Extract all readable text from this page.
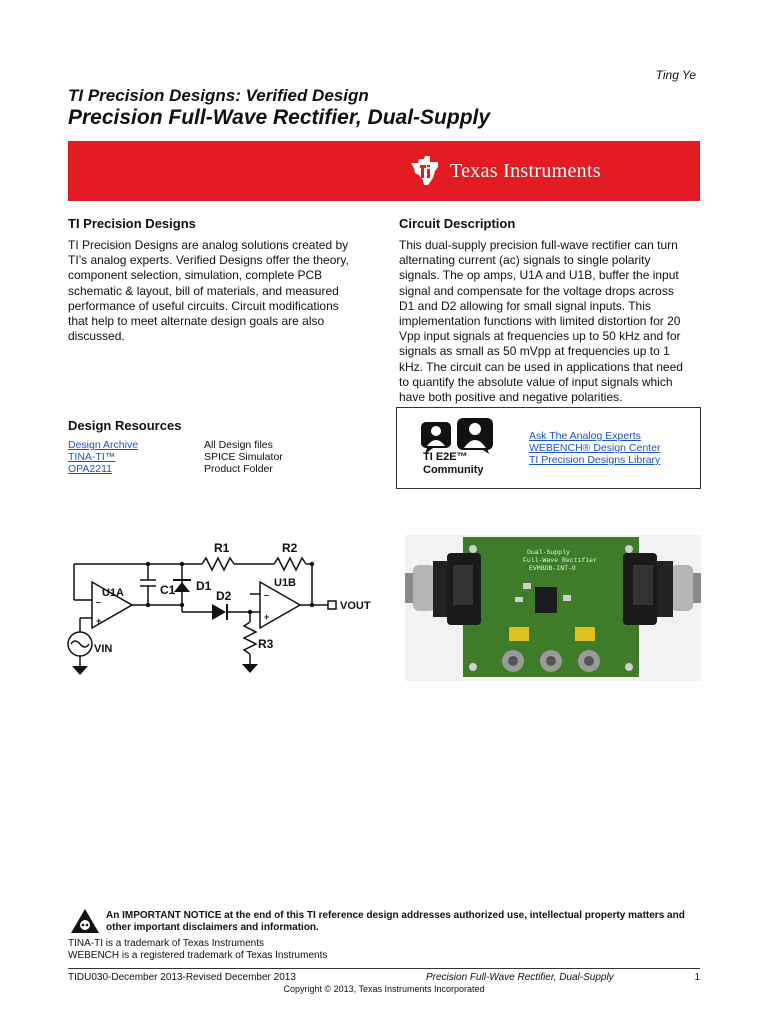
Ting Ye
TI Precision Designs: Verified Design
Precision Full-Wave Rectifier, Dual-Supply
Texas Instruments
TI Precision Designs
TI Precision Designs are analog solutions created by
TI’s analog experts. Verified Designs offer the theory,
component selection, simulation, complete PCB
schematic & layout, bill of materials, and measured
performance of useful circuits. Circuit modifications
that help to meet alternate design goals are also
discussed.
Circuit Description
This dual-supply precision full-wave rectifier can turn
alternating current (ac) signals to single polarity
signals. The op amps, U1A and U1B, buffer the input
signal and compensate for the voltage drops across
D1 and D2 allowing for small signal inputs. This
implementation functions with limited distortion for 20
Vpp input signals at frequencies up to 50 kHz and for
signals as small as 50 mVpp at frequencies up to 1
kHz. The circuit can be used in applications that need
to quantify the absolute value of input signals which
have both positive and negative polarities.
Design Resources
Design Archive	All Design files
TINA-TI™	SPICE Simulator
OPA2211	Product Folder
TI E2E™
Community
Ask The Analog Experts
WEBENCH® Design Center
TI Precision Designs Library
R1	R2
R3
C1 D1
D2
U1A
U1B
VIN
VOUT
–
+
–
+
Dual-Supply
Full-Wave Rectifier
EVMBOB-INT-0
An IMPORTANT NOTICE at the end of this TI reference design addresses authorized use, intellectual property matters and other important disclaimers and information.
TINA-TI is a trademark of Texas Instruments
WEBENCH is a registered trademark of Texas Instruments
TIDU030-December 2013-Revised December 2013	Precision Full-Wave Rectifier, Dual-Supply	1
Copyright © 2013, Texas Instruments Incorporated
